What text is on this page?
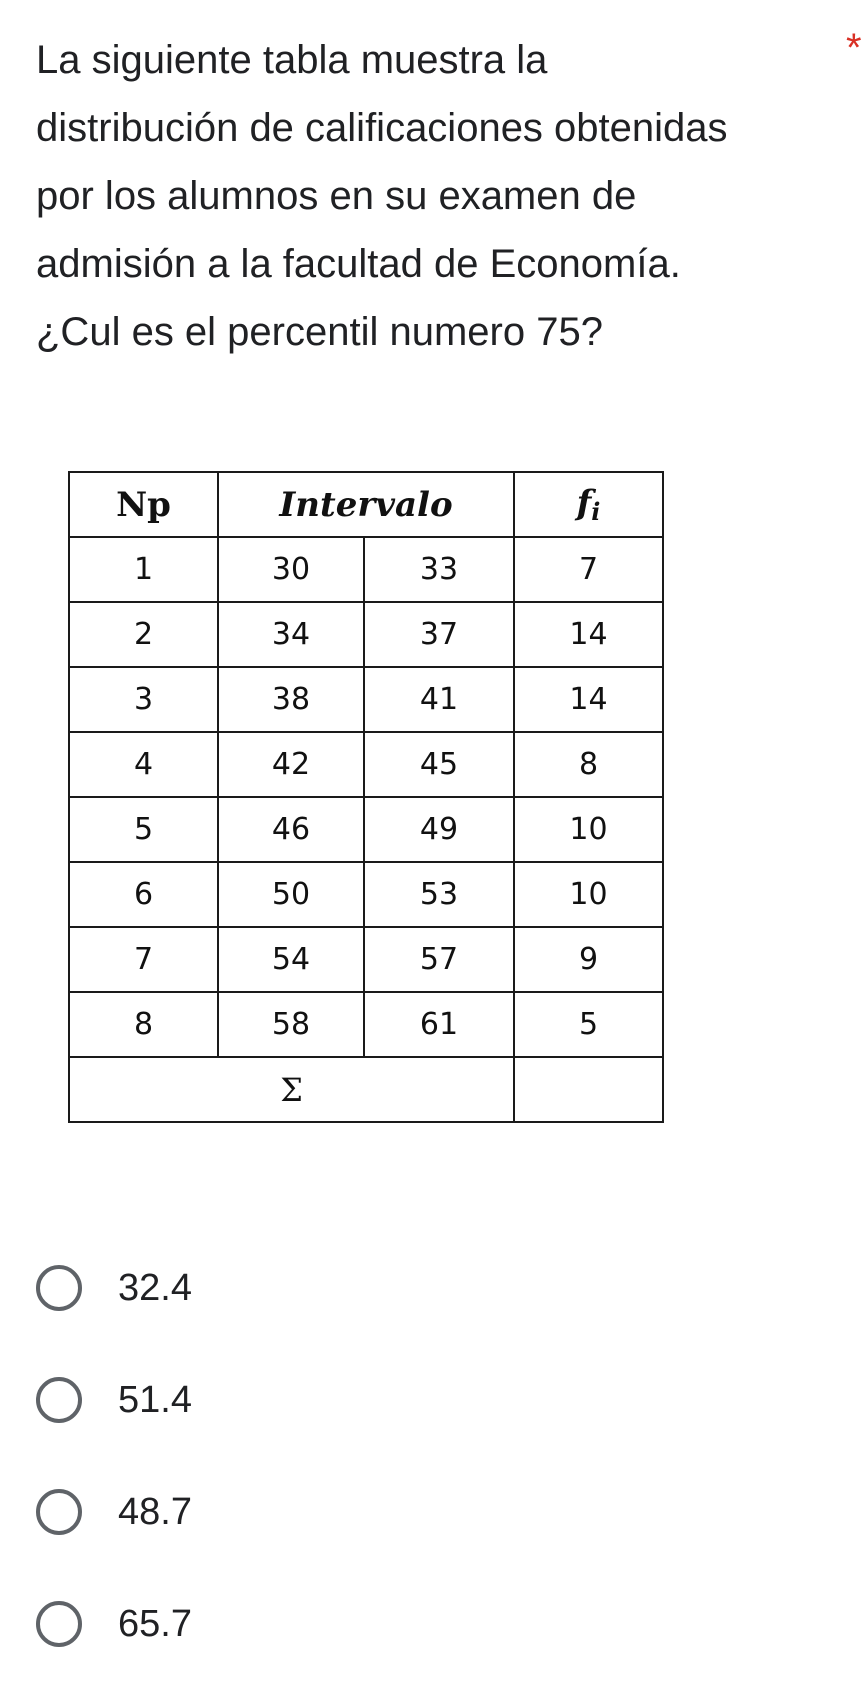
La siguiente tabla muestra la
distribución de calificaciones obtenidas
por los alumnos en su examen de
admisión a la facultad de Economía.
¿Cul es el percentil numero 75?
*
Np	Intervalo		fi
1	30	33	7
2	34	37	14
3	38	41	14
4	42	45	8
5	46	49	10
6	50	53	10
7	54	57	9
8	58	61	5
Σ			
32.4
51.4
48.7
65.7
